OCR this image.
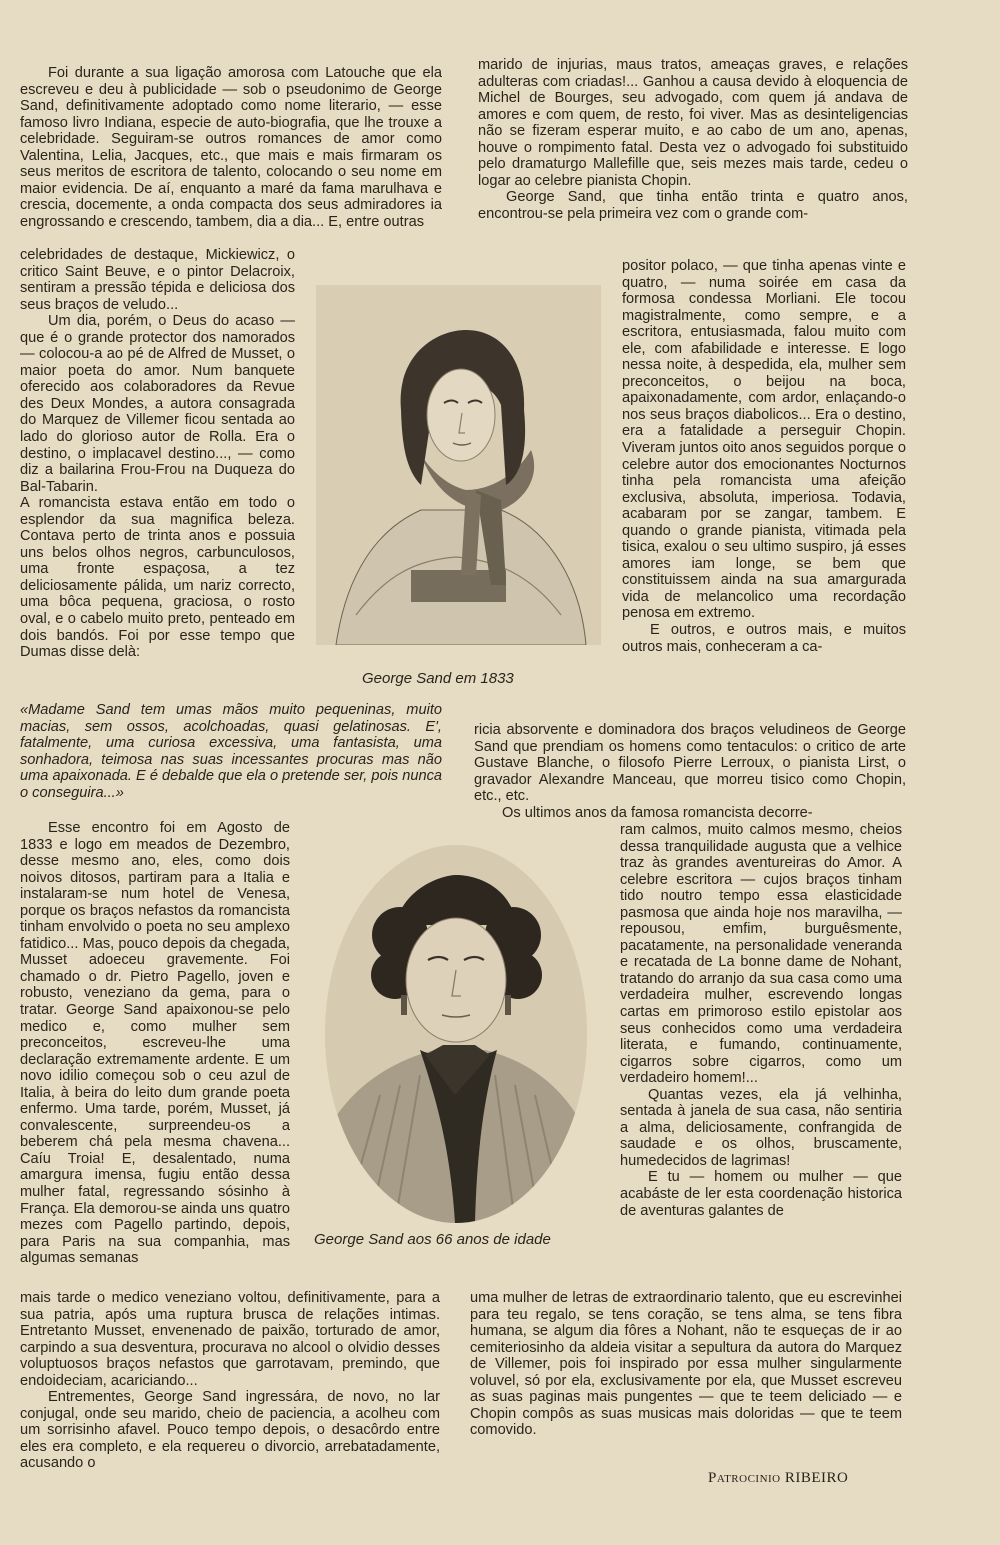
Foi durante a sua ligação amorosa com Latouche que ela escreveu e deu à publicidade — sob o pseudonimo de George Sand, definitivamente adoptado como nome literario, — esse famoso livro Indiana, especie de auto-biografia, que lhe trouxe a celebridade. Seguiram-se outros romances de amor como Valentina, Lelia, Jacques, etc., que mais e mais firmaram os seus meritos de escritora de talento, colocando o seu nome em maior evidencia. De aí, enquanto a maré da fama marulhava e crescia, docemente, a onda compacta dos seus admiradores ia engrossando e crescendo, tambem, dia a dia... E, entre outras

celebridades de destaque, Mickiewicz, o critico Saint Beuve, e o pintor Delacroix, sentiram a pressão tépida e deliciosa dos seus braços de veludo...

Um dia, porém, o Deus do acaso — que é o grande protector dos namorados — colocou-a ao pé de Alfred de Musset, o maior poeta do amor. Num banquete oferecido aos colaboradores da Revue des Deux Mondes, a autora consagrada do Marquez de Villemer ficou sentada ao lado do glorioso autor de Rolla. Era o destino, o implacavel destino..., — como diz a bailarina Frou-Frou na Duqueza do Bal-Tabarin.

A romancista estava então em todo o esplendor da sua magnifica beleza. Contava perto de trinta anos e possuia uns belos olhos negros, carbunculosos, uma fronte espaçosa, a tez deliciosamente pálida, um nariz correcto, uma bôca pequena, graciosa, o rosto oval, e o cabelo muito preto, penteado em dois bandós. Foi por esse tempo que Dumas disse delà:

«Madame Sand tem umas mãos muito pequeninas, muito macias, sem ossos, acolchoadas, quasi gelatinosas. E', fatalmente, uma curiosa excessiva, uma fantasista, uma sonhadora, teimosa nas suas incessantes procuras mas não uma apaixonada. E é debalde que ela o pretende ser, pois nunca o conseguira...»

Esse encontro foi em Agosto de 1833 e logo em meados de Dezembro, desse mesmo ano, eles, como dois noivos ditosos, partiram para a Italia e instalaram-se num hotel de Venesa, porque os braços nefastos da romancista tinham envolvido o poeta no seu amplexo fatidico... Mas, pouco depois da chegada, Musset adoeceu gravemente. Foi chamado o dr. Pietro Pagello, joven e robusto, veneziano da gema, para o tratar. George Sand apaixonou-se pelo medico e, como mulher sem preconceitos, escreveu-lhe uma declaração extremamente ardente. E um novo idilio começou sob o ceu azul de Italia, à beira do leito dum grande poeta enfermo. Uma tarde, porém, Musset, já convalescente, surpreendeu-os a beberem chá pela mesma chavena... Caíu Troia! E, desalentado, numa amargura imensa, fugiu então dessa mulher fatal, regressando sósinho à França. Ela demorou-se ainda uns quatro mezes com Pagello partindo, depois, para Paris na sua companhia, mas algumas semanas

mais tarde o medico veneziano voltou, definitivamente, para a sua patria, após uma ruptura brusca de relações intimas. Entretanto Musset, envenenado de paixão, torturado de amor, carpindo a sua desventura, procurava no alcool o olvidio desses voluptuosos braços nefastos que garrotavam, premindo, que endoideciam, acariciando...

Entrementes, George Sand ingressára, de novo, no lar conjugal, onde seu marido, cheio de paciencia, a acolheu com um sorrisinho afavel. Pouco tempo depois, o desacôrdo entre eles era completo, e ela requereu o divorcio, arrebatadamente, acusando o

marido de injurias, maus tratos, ameaças graves, e relações adulteras com criadas!... Ganhou a causa devido à eloquencia de Michel de Bourges, seu advogado, com quem já andava de amores e com quem, de resto, foi viver. Mas as desinteligencias não se fizeram esperar muito, e ao cabo de um ano, apenas, houve o rompimento fatal. Desta vez o advogado foi substituido pelo dramaturgo Mallefille que, seis mezes mais tarde, cedeu o logar ao celebre pianista Chopin.

George Sand, que tinha então trinta e quatro anos, encontrou-se pela primeira vez com o grande com-

positor polaco, — que tinha apenas vinte e quatro, — numa soirée em casa da formosa condessa Morliani. Ele tocou magistralmente, como sempre, e a escritora, entusiasmada, falou muito com ele, com afabilidade e interesse. E logo nessa noite, à despedida, ela, mulher sem preconceitos, o beijou na boca, apaixonadamente, com ardor, enlaçando-o nos seus braços diabolicos... Era o destino, era a fatalidade a perseguir Chopin. Viveram juntos oito anos seguidos porque o celebre autor dos emocionantes Nocturnos tinha pela romancista uma afeição exclusiva, absoluta, imperiosa. Todavia, acabaram por se zangar, tambem. E quando o grande pianista, vitimada pela tisica, exalou o seu ultimo suspiro, já esses amores iam longe, se bem que constituissem ainda na sua amargurada vida de melancolico uma recordação penosa em extremo.

E outros, e outros mais, e muitos outros mais, conheceram a ca-

ricia absorvente e dominadora dos braços veludineos de George Sand que prendiam os homens como tentaculos: o critico de arte Gustave Blanche, o filosofo Pierre Lerroux, o pianista Lirst, o gravador Alexandre Manceau, que morreu tisico como Chopin, etc., etc.

Os ultimos anos da famosa romancista decorre-

ram calmos, muito calmos mesmo, cheios dessa tranquilidade augusta que a velhice traz às grandes aventureiras do Amor. A celebre escritora — cujos braços tinham tido noutro tempo essa elasticidade pasmosa que ainda hoje nos maravilha, — repousou, emfim, burguêsmente, pacatamente, na personalidade veneranda e recatada de La bonne dame de Nohant, tratando do arranjo da sua casa como uma verdadeira mulher, escrevendo longas cartas em primoroso estilo epistolar aos seus conhecidos como uma verdadeira literata, e fumando, continuamente, cigarros sobre cigarros, como um verdadeiro homem!...

Quantas vezes, ela já velhinha, sentada à janela de sua casa, não sentiria a alma, deliciosamente, confrangida de saudade e os olhos, bruscamente, humedecidos de lagrimas!

E tu — homem ou mulher — que acabáste de ler esta coordenação historica de aventuras galantes de

uma mulher de letras de extraordinario talento, que eu escrevinhei para teu regalo, se tens coração, se tens alma, se tens fibra humana, se algum dia fôres a Nohant, não te esqueças de ir ao cemiteriosinho da aldeia visitar a sepultura da autora do Marquez de Villemer, pois foi inspirado por essa mulher singularmente voluvel, só por ela, exclusivamente por ela, que Musset escreveu as suas paginas mais pungentes — que te teem deliciado — e Chopin compôs as suas musicas mais doloridas — que te teem comovido.

George Sand em 1833
George Sand aos 66 anos de idade
Patrocinio RIBEIRO
